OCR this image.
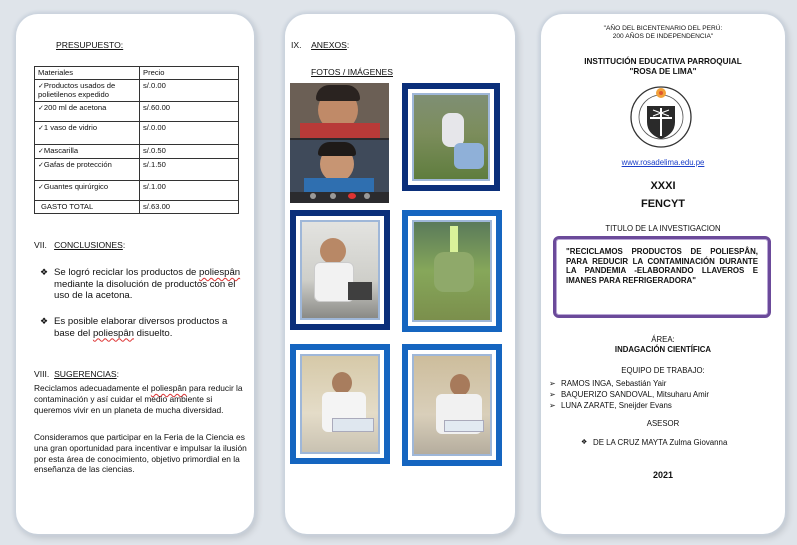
PRESUPUESTO:
Materiales	Precio
✓Productos usados de polietilenos expedido	s/.0.00
✓200 ml de acetona	s/.60.00
✓1 vaso de vidrio	s/.0.00
✓Mascarilla	s/.0.50
✓Gafas de protección	s/.1.50
✓Guantes quirúrgico	s/.1.00
GASTO TOTAL	s/.63.00
VII. CONCLUSIONES:
❖ Se logró reciclar los productos de poliespân mediante la disolución de productos con el uso de la acetona.
❖ Es posible elaborar diversos productos a base del poliespân disuelto.
VIII. SUGERENCIAS:
Reciclamos adecuadamente el poliespân para reducir la contaminación y así cuidar el medio ambiente si queremos vivir en un planeta de mucha diversidad.
Consideramos que participar en la Feria de la Ciencia es una gran oportunidad para incentivar e impulsar la ilusión por esta área de conocimiento, objetivo primordial en la enseñanza de las ciencias.
IX. ANEXOS:
FOTOS / IMÁGENES
"AÑO DEL BICENTENARIO DEL PERÚ:
200 AÑOS DE INDEPENDENCIA"
INSTITUCIÓN EDUCATIVA PARROQUIAL
"ROSA DE LIMA"
www.rosadelima.edu.pe
XXXI
FENCYT
TITULO DE LA INVESTIGACION
"RECICLAMOS PRODUCTOS DE POLIESPÂN, PARA REDUCIR LA CONTAMINACIÓN DURANTE LA PANDEMIA -ELABORANDO LLAVEROS E IMANES PARA REFRIGERADORA"
ÁREA:
INDAGACIÓN CIENTÍFICA
EQUIPO DE TRABAJO:
➢ RAMOS INGA, Sebastián Yair
➢ BAQUERIZO SANDOVAL, Mitsuharu Amir
➢ LUNA ZARATE, Sneijder Evans
ASESOR
❖ DE LA CRUZ MAYTA Zulma Giovanna
2021
